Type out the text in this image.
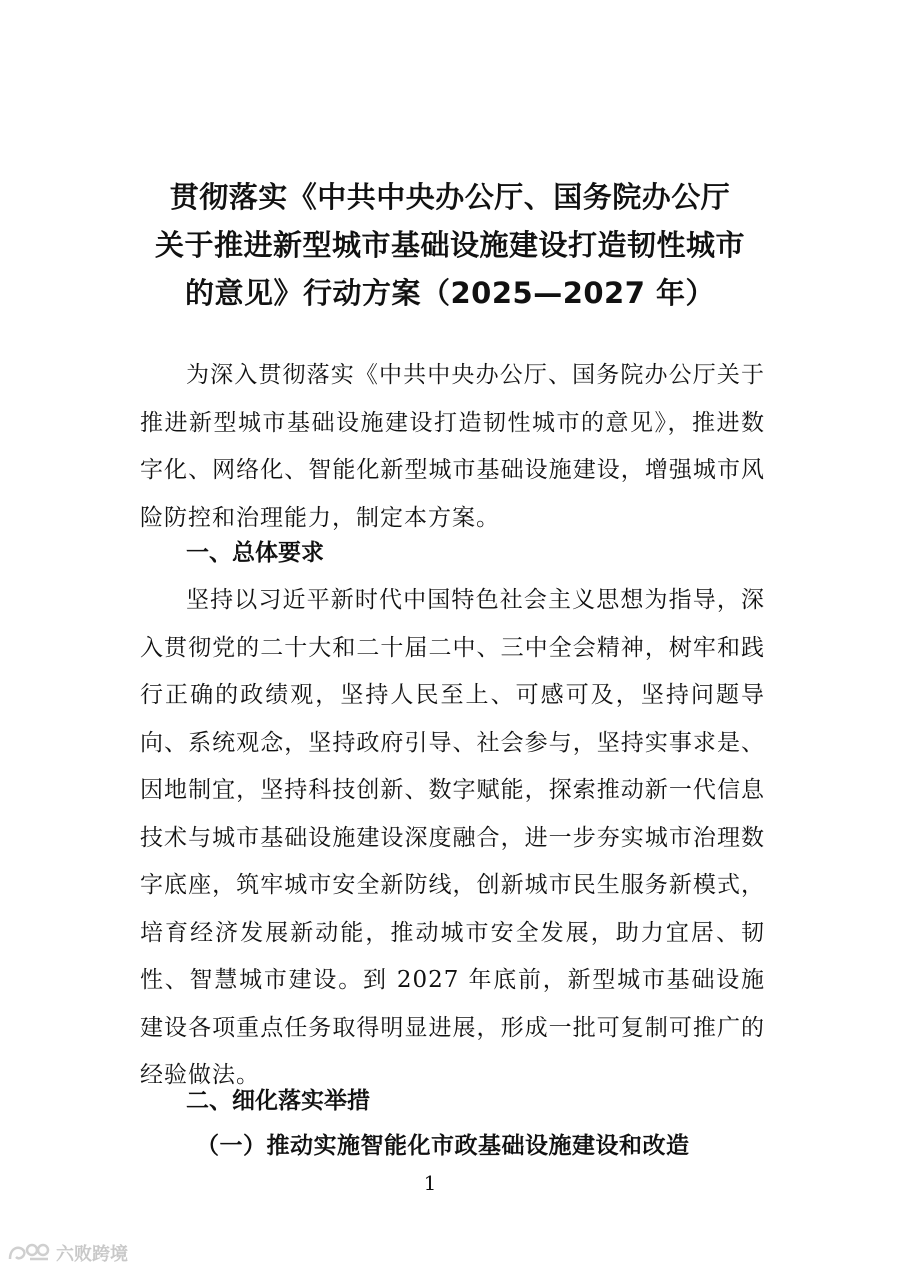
贯彻落实《中共中央办公厅、国务院办公厅
关于推进新型城市基础设施建设打造韧性城市
的意见》行动方案（2025—2027 年）
为深入贯彻落实《中共中央办公厅、国务院办公厅关于推进新型城市基础设施建设打造韧性城市的意见》，推进数字化、网络化、智能化新型城市基础设施建设，增强城市风险防控和治理能力，制定本方案。
一、总体要求
坚持以习近平新时代中国特色社会主义思想为指导，深入贯彻党的二十大和二十届二中、三中全会精神，树牢和践行正确的政绩观，坚持人民至上、可感可及，坚持问题导向、系统观念，坚持政府引导、社会参与，坚持实事求是、因地制宜，坚持科技创新、数字赋能，探索推动新一代信息技术与城市基础设施建设深度融合，进一步夯实城市治理数字底座，筑牢城市安全新防线，创新城市民生服务新模式，培育经济发展新动能，推动城市安全发展，助力宜居、韧性、智慧城市建设。到 2027 年底前，新型城市基础设施建设各项重点任务取得明显进展，形成一批可复制可推广的经验做法。
二、细化落实举措
（一）推动实施智能化市政基础设施建设和改造
1
六败跨境
